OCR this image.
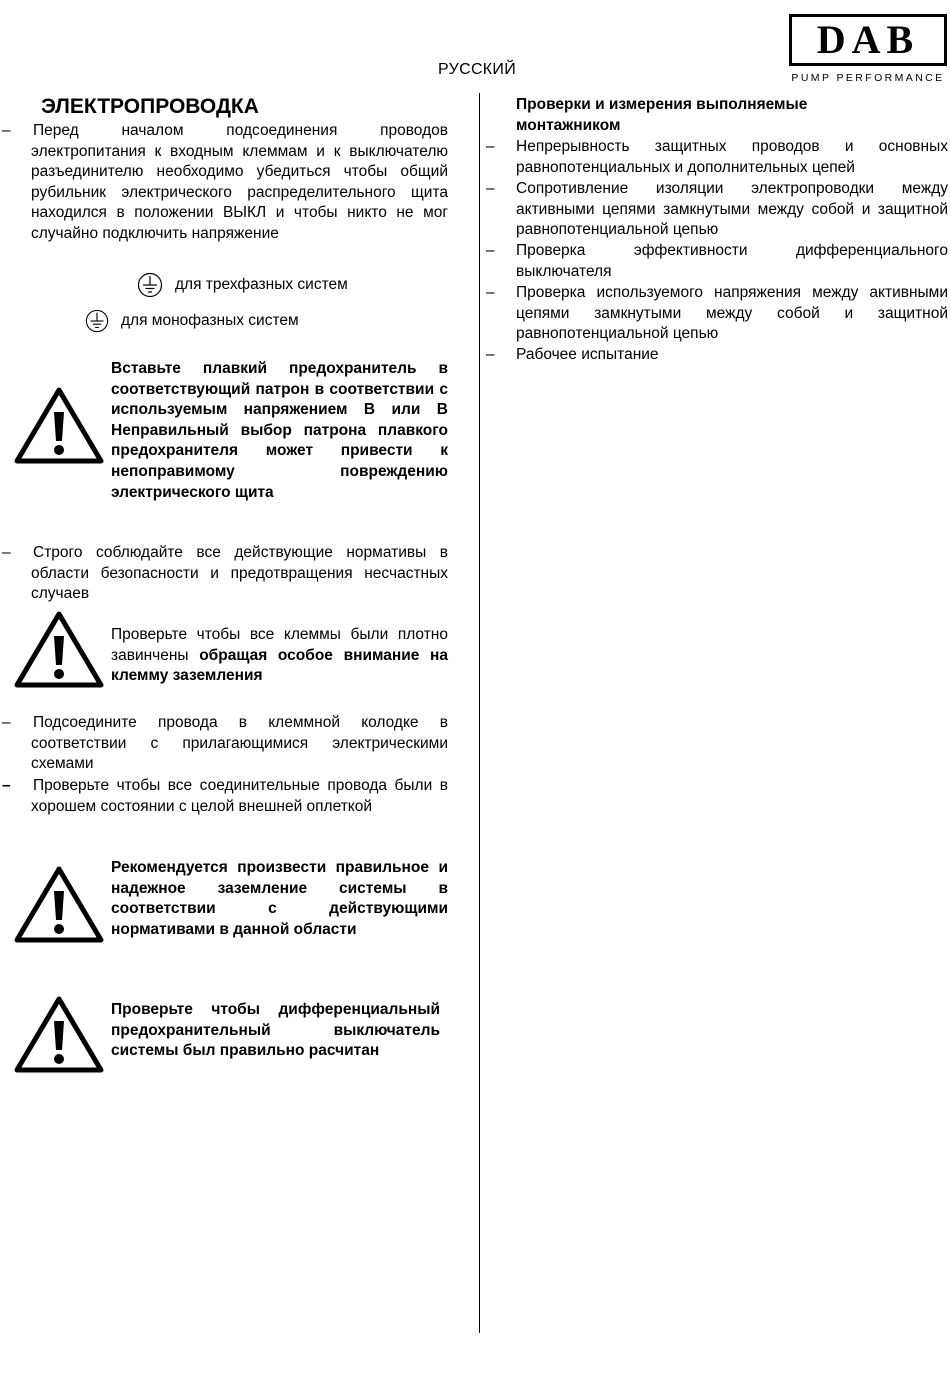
РУССКИЙ
DAB
PUMP PERFORMANCE
ЭЛЕКТРОПРОВОДКА
–	Перед началом подсоединения проводов электропитания к входным клеммам и к выключателю разъединителю необходимо убедиться чтобы общий рубильник электрического распределительного щита находился в положении ВЫКЛ и чтобы никто не мог случайно подключить напряжение
для трехфазных систем
для монофазных систем
Вставьте плавкий предохранитель в соответствующий патрон в соответствии с используемым напряжением В или В Неправильный выбор патрона плавкого предохранителя может привести к непоправимому повреждению электрического щита
–	Строго соблюдайте все действующие нормативы в области безопасности и предотвращения несчастных случаев
Проверьте чтобы все клеммы были плотно завинчены обращая особое внимание на клемму заземления
–	Подсоедините провода в клеммной колодке в соответствии с прилагающимися электрическими схемами
–	Проверьте чтобы все соединительные провода были в хорошем состоянии с целой внешней оплеткой
Рекомендуется произвести правильное и надежное заземление системы в соответствии с действующими нормативами в данной области
Проверьте чтобы дифференциальный предохранительный выключатель системы был правильно расчитан
Проверки и измерения выполняемые монтажником
–	Непрерывность защитных проводов и основных равнопотенциальных и дополнительных цепей
–	Сопротивление изоляции электропроводки между активными цепями замкнутыми между собой и защитной равнопотенциальной цепью
–	Проверка эффективности дифференциального выключателя
–	Проверка используемого напряжения между активными цепями замкнутыми между собой и защитной равнопотенциальной цепью
–	Рабочее испытание
